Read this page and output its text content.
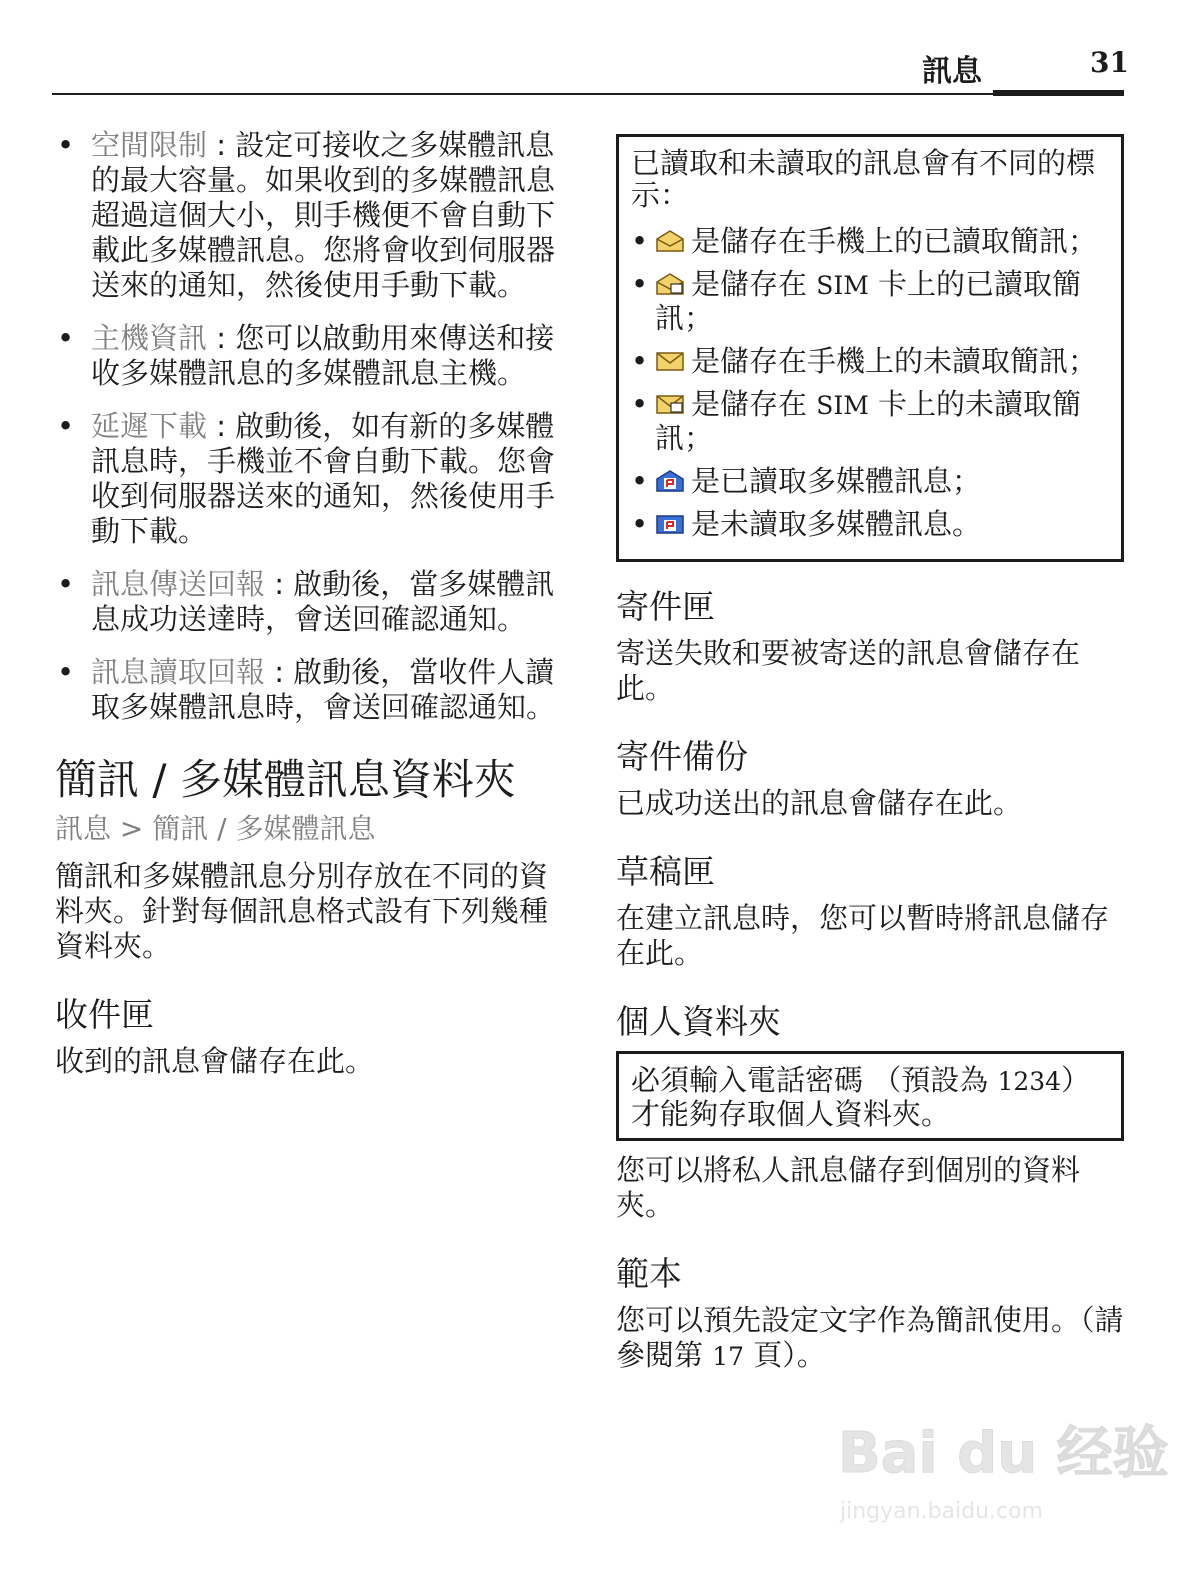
訊息	31
• 空間限制 : 設定可接收之多媒體訊息的最大容量。如果收到的多媒體訊息超過這個大小，則手機便不會自動下載此多媒體訊息。您將會收到伺服器送來的通知，然後使用手動下載。
• 主機資訊 : 您可以啟動用來傳送和接收多媒體訊息的多媒體訊息主機。
• 延遲下載 : 啟動後，如有新的多媒體訊息時，手機並不會自動下載。您會收到伺服器送來的通知，然後使用手動下載。
• 訊息傳送回報 : 啟動後，當多媒體訊息成功送達時，會送回確認通知。
• 訊息讀取回報 : 啟動後，當收件人讀取多媒體訊息時，會送回確認通知。
簡訊 / 多媒體訊息資料夾
訊息 > 簡訊 / 多媒體訊息

簡訊和多媒體訊息分別存放在不同的資料夾。針對每個訊息格式設有下列幾種資料夾。

收件匣

收到的訊息會儲存在此。

已讀取和未讀取的訊息會有不同的標示：

• 是儲存在手機上的已讀取簡訊；
• 是儲存在 SIM 卡上的已讀取簡訊；
• 是儲存在手機上的未讀取簡訊；
• 是儲存在 SIM 卡上的未讀取簡訊；
• 是已讀取多媒體訊息；
• 是未讀取多媒體訊息。
寄件匣

寄送失敗和要被寄送的訊息會儲存在此。

寄件備份

已成功送出的訊息會儲存在此。

草稿匣

在建立訊息時，您可以暫時將訊息儲存在此。

個人資料夾

必須輸入電話密碼 （預設為 1234）才能夠存取個人資料夾。

您可以將私人訊息儲存到個別的資料夾。

範本

您可以預先設定文字作為簡訊使用。（請參閱第 17 頁）。

Bai du 经验
jingyan.baidu.com
